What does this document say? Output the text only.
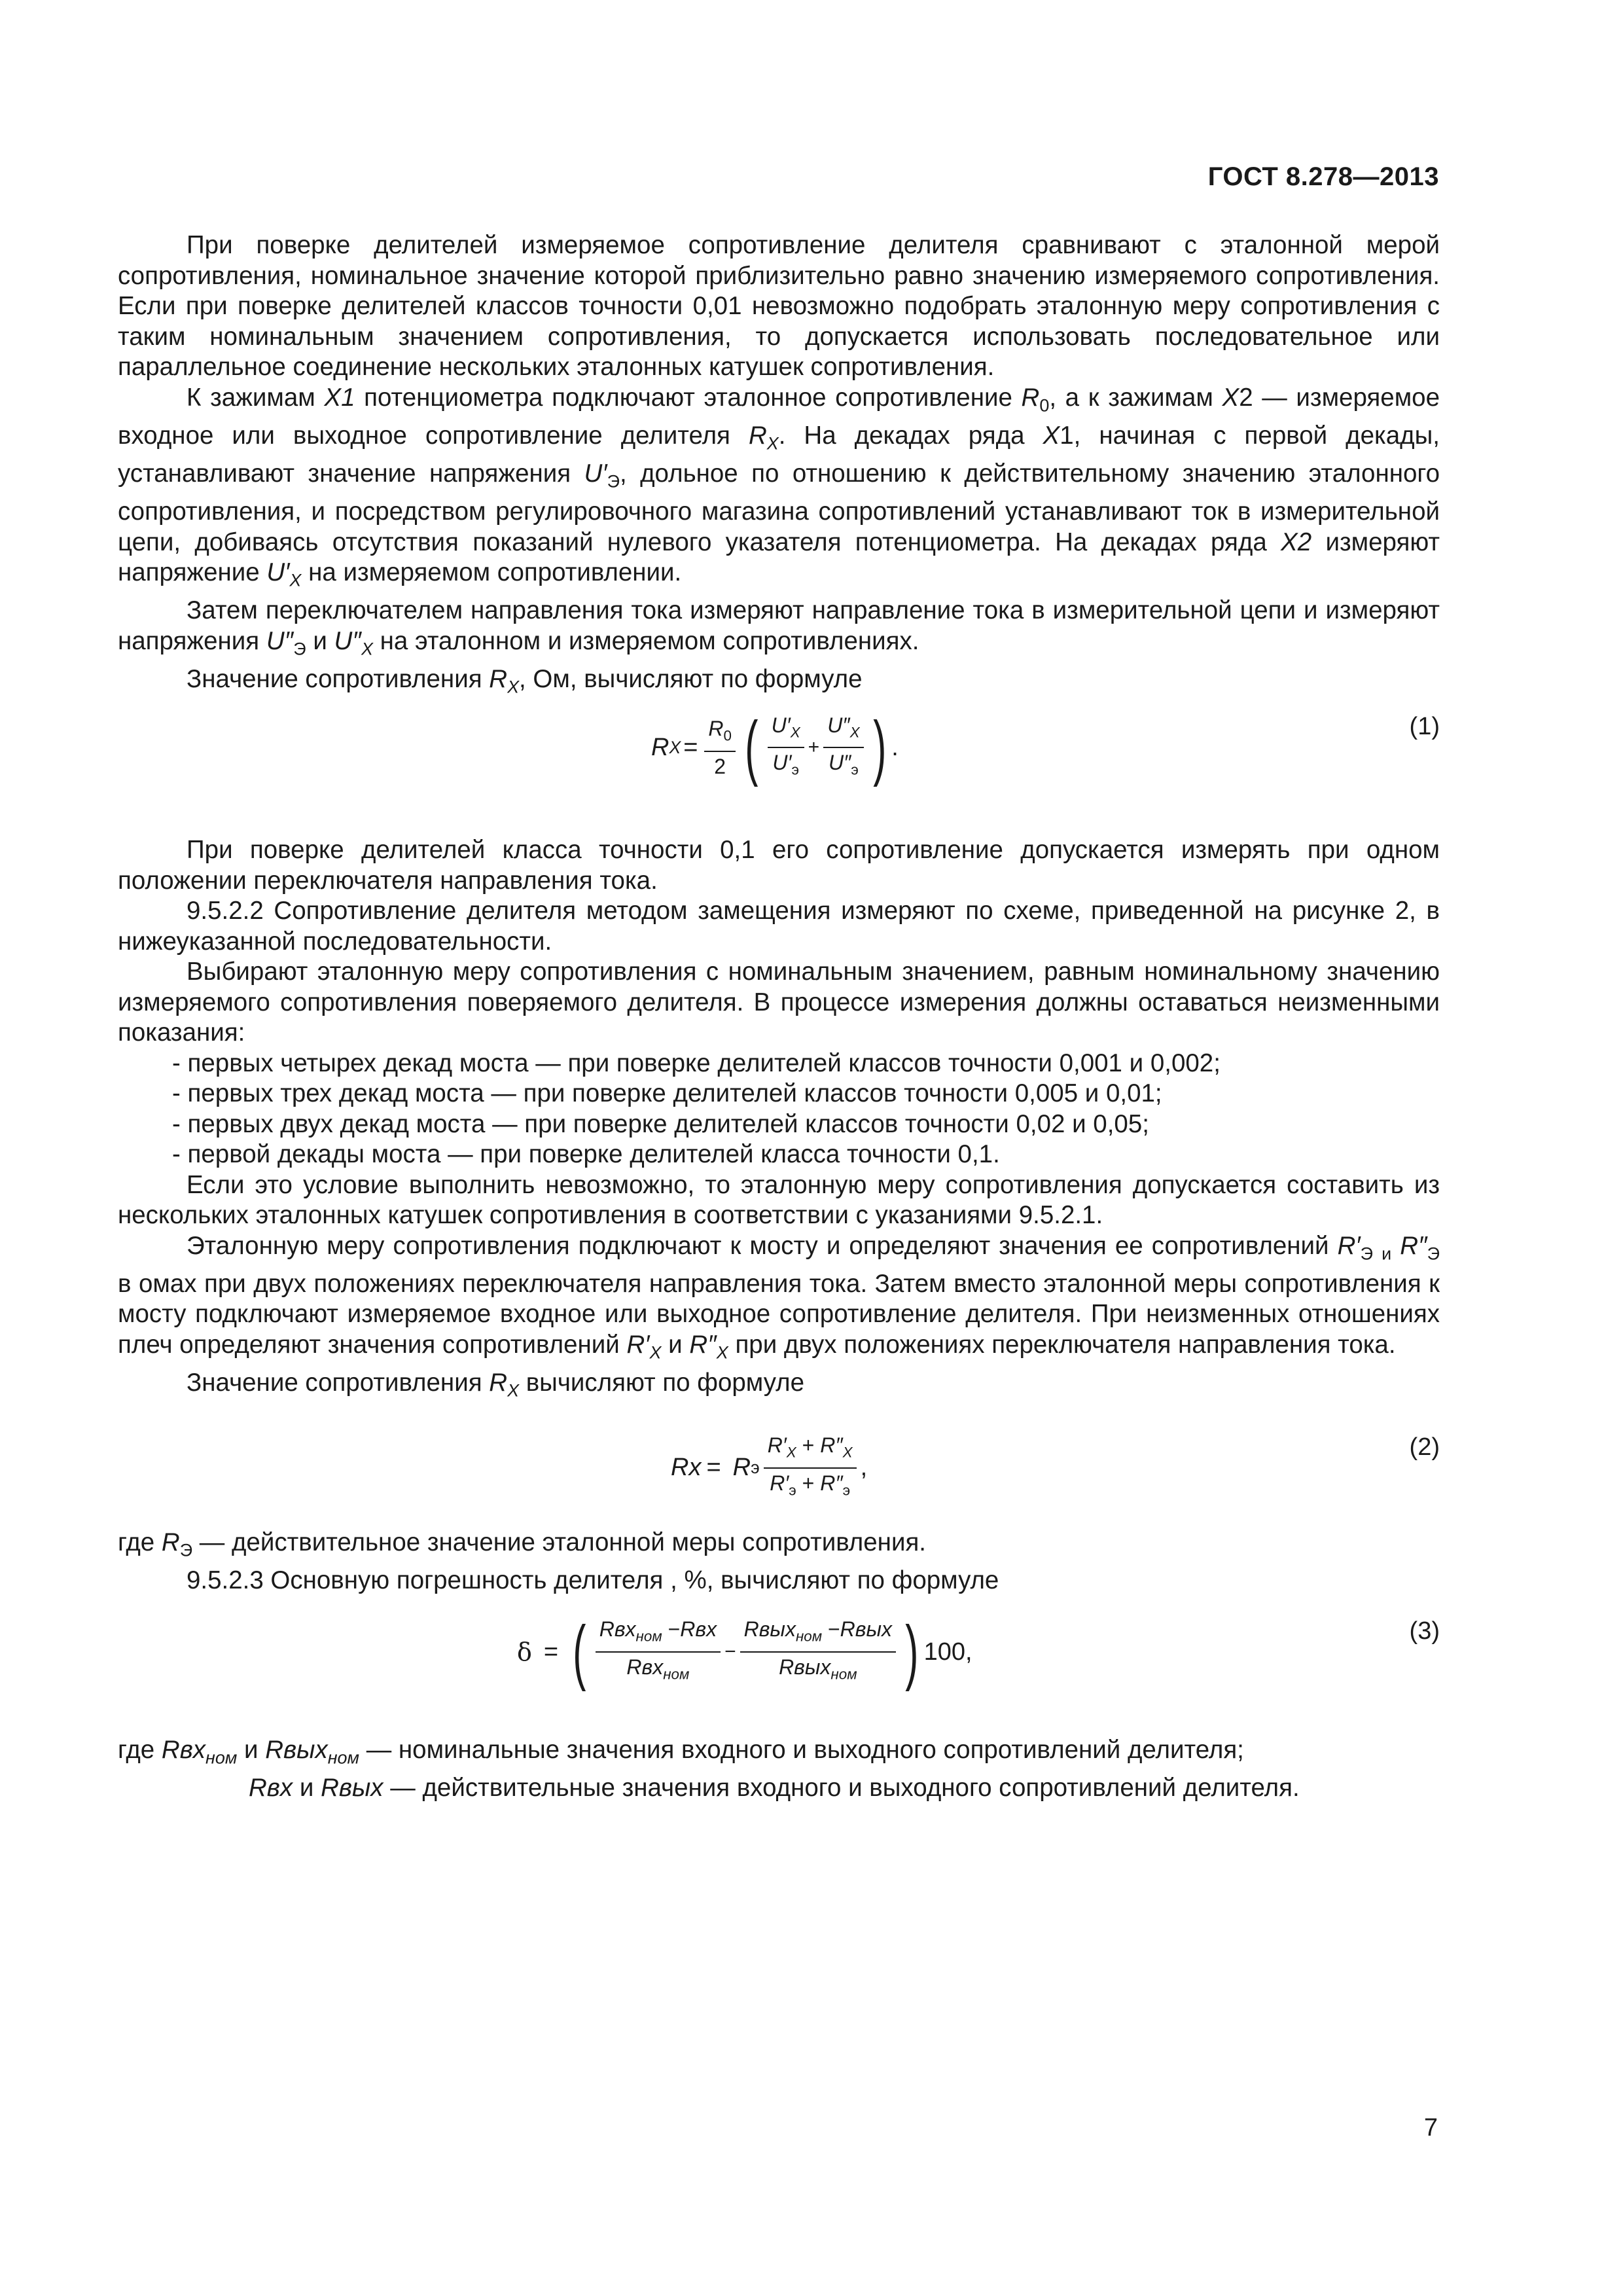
ГОСТ 8.278—2013

При поверке делителей измеряемое сопротивление делителя сравнивают с эталонной мерой сопротивления, номинальное значение которой приблизительно равно значению измеряемого сопротивления. Если при поверке делителей классов точности 0,01 невозможно подобрать эталонную меру сопротивления с таким номинальным значением сопротивления, то допускается использовать последовательное или параллельное соединение нескольких эталонных катушек сопротивления.

К зажимам X1 потенциометра подключают эталонное сопротивление $R_0$, а к зажимам X2 — измеряемое входное или выходное сопротивление делителя $R_X$. На декадах ряда X1, начиная с первой декады, устанавливают значение напряжения $U'_Э$, дольное по отношению к действительному значению эталонного сопротивления, и посредством регулировочного магазина сопротивлений устанавливают ток в измерительной цепи, добиваясь отсутствия показаний нулевого указателя потенциометра. На декадах ряда X2 измеряют напряжение $U'_X$ на измеряемом сопротивлении.

Затем переключателем направления тока измеряют направление тока в измерительной цепи и измеряют напряжения $U''_Э$ и $U''_X$ на эталонном и измеряемом сопротивлениях.

Значение сопротивления $R_X$, Ом, вычисляют по формуле

R $X = \frac{R_0}{2}$ ( $\frac{U'_X}{U'_э} + \frac{U''_X}{U''_э}$ ) .
(1)

При поверке делителей класса точности 0,1 его сопротивление допускается измерять при одном положении переключателя направления тока.

9.5.2.2 Сопротивление делителя методом замещения измеряют по схеме, приведенной на рисунке 2, в нижеуказанной последовательности.

Выбирают эталонную меру сопротивления с номинальным значением, равным номинальному значению измеряемого сопротивления поверяемого делителя. В процессе измерения должны оставаться неизменными показания:

- первых четырех декад моста — при поверке делителей классов точности 0,001 и 0,002;

- первых трех декад моста — при поверке делителей классов точности 0,005 и 0,01;

- первых двух декад моста — при поверке делителей классов точности 0,02 и 0,05;

- первой декады моста — при поверке делителей класса точности 0,1.

Если это условие выполнить невозможно, то эталонную меру сопротивления допускается составить из нескольких эталонных катушек сопротивления в соответствии с указаниями 9.5.2.1.

Эталонную меру сопротивления подключают к мосту и определяют значения ее сопротивлений $R'_Э$ $_и$ $R''_Э$ в омах при двух положениях переключателя направления тока. Затем вместо эталонной меры сопротивления к мосту подключают измеряемое входное или выходное сопротивление делителя. При неизменных отношениях плеч определяют значения сопротивлений $R'_X$ и $R''_X$ при двух положениях переключателя направления тока.

Значение сопротивления $R_X$ вычисляют по формуле

Rx = R э $\frac{R'_X + R''_X}{R'_э + R''_э}$ ,
(2)

где $R_Э$ — действительное значение эталонной меры сопротивления.

9.5.2.3 Основную погрешность делителя , %, вычисляют по формуле

δ = ( $\frac{Rвх_{ном} -Rвх}{Rвх_{ном}} - \frac{Rвых_{ном} -Rвых}{Rвых_{ном}}$ ) 100,
(3)

где Rвх$_{ном}$ и Rвых$_{ном}$ — номинальные значения входного и выходного сопротивлений делителя;

Rвх и Rвых — действительные значения входного и выходного сопротивлений делителя.

7
